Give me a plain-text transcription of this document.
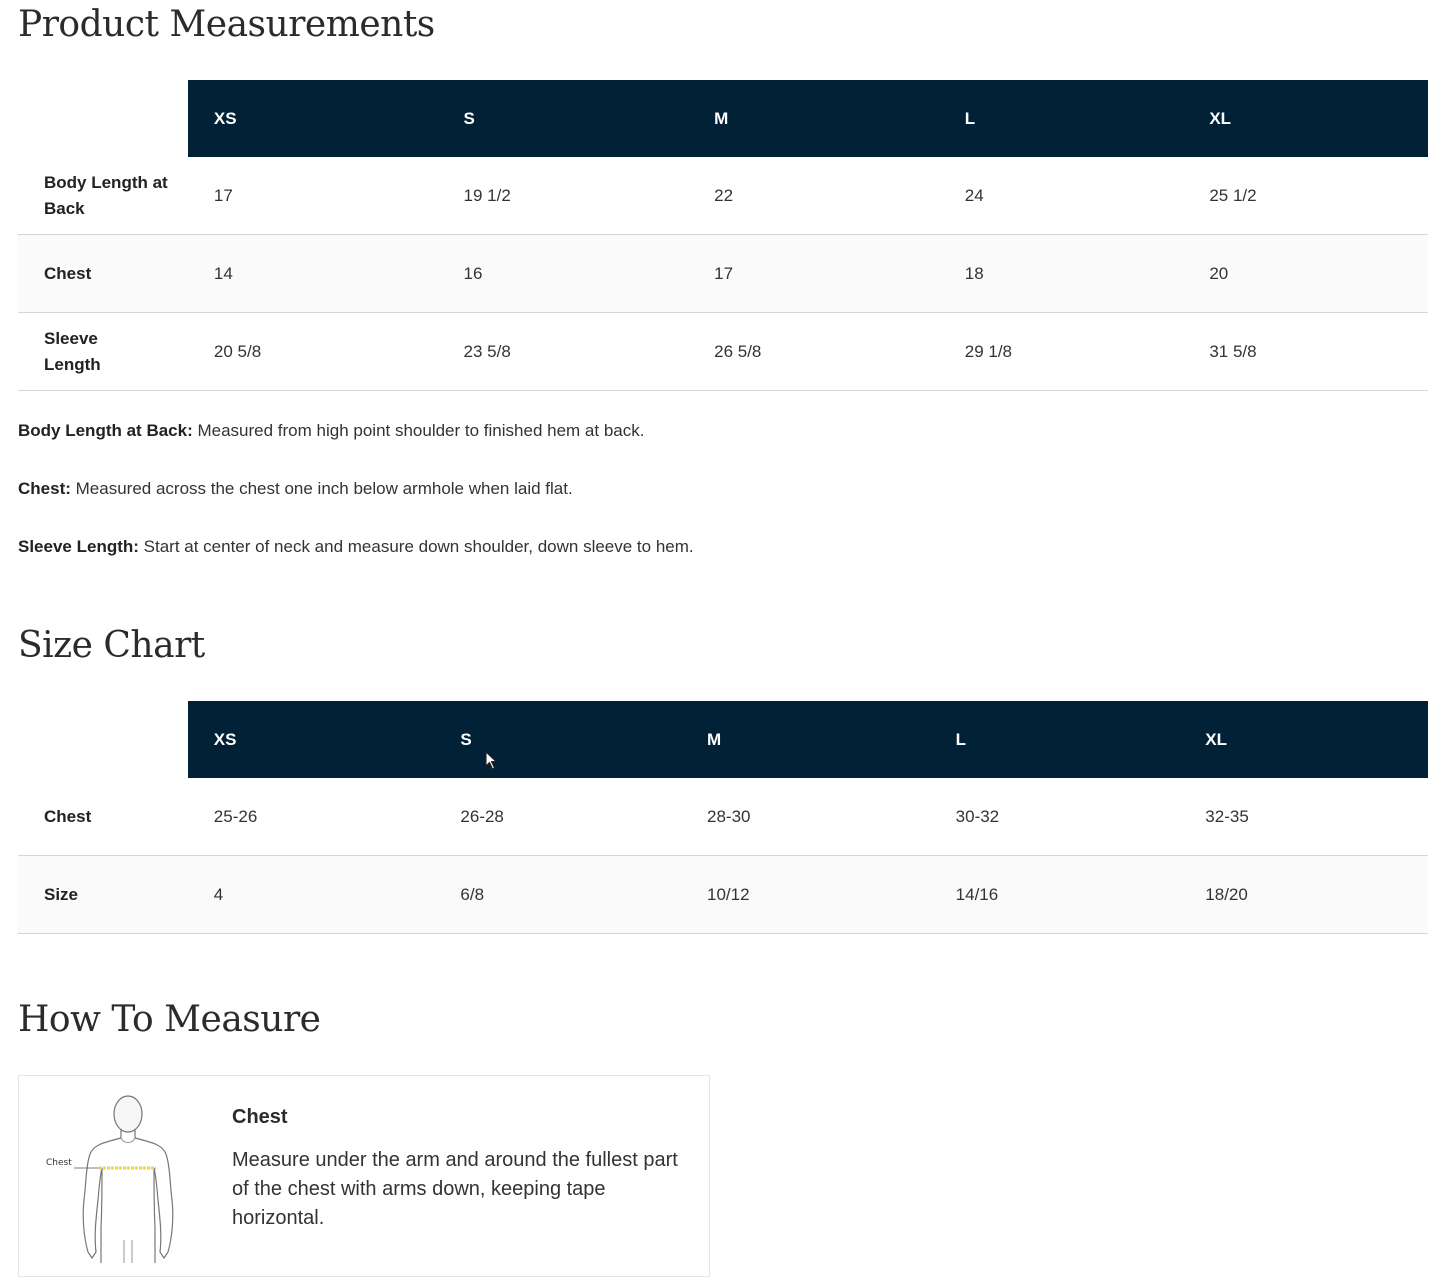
Product Measurements
	XS	S	M	L	XL
Body Length at Back	17	19 1/2	22	24	25 1/2
Chest	14	16	17	18	20
Sleeve Length	20 5/8	23 5/8	26 5/8	29 1/8	31 5/8

Body Length at Back: Measured from high point shoulder to finished hem at back.

Chest: Measured across the chest one inch below armhole when laid flat.

Sleeve Length: Start at center of neck and measure down shoulder, down sleeve to hem.

Size Chart
	XS	S	M	L	XL
Chest	25-26	26-28	28-30	30-32	32-35
Size	4	6/8	10/12	14/16	18/20
How To Measure
Chest
Chest
Measure under the arm and around the fullest part of the chest with arms down, keeping tape horizontal.
